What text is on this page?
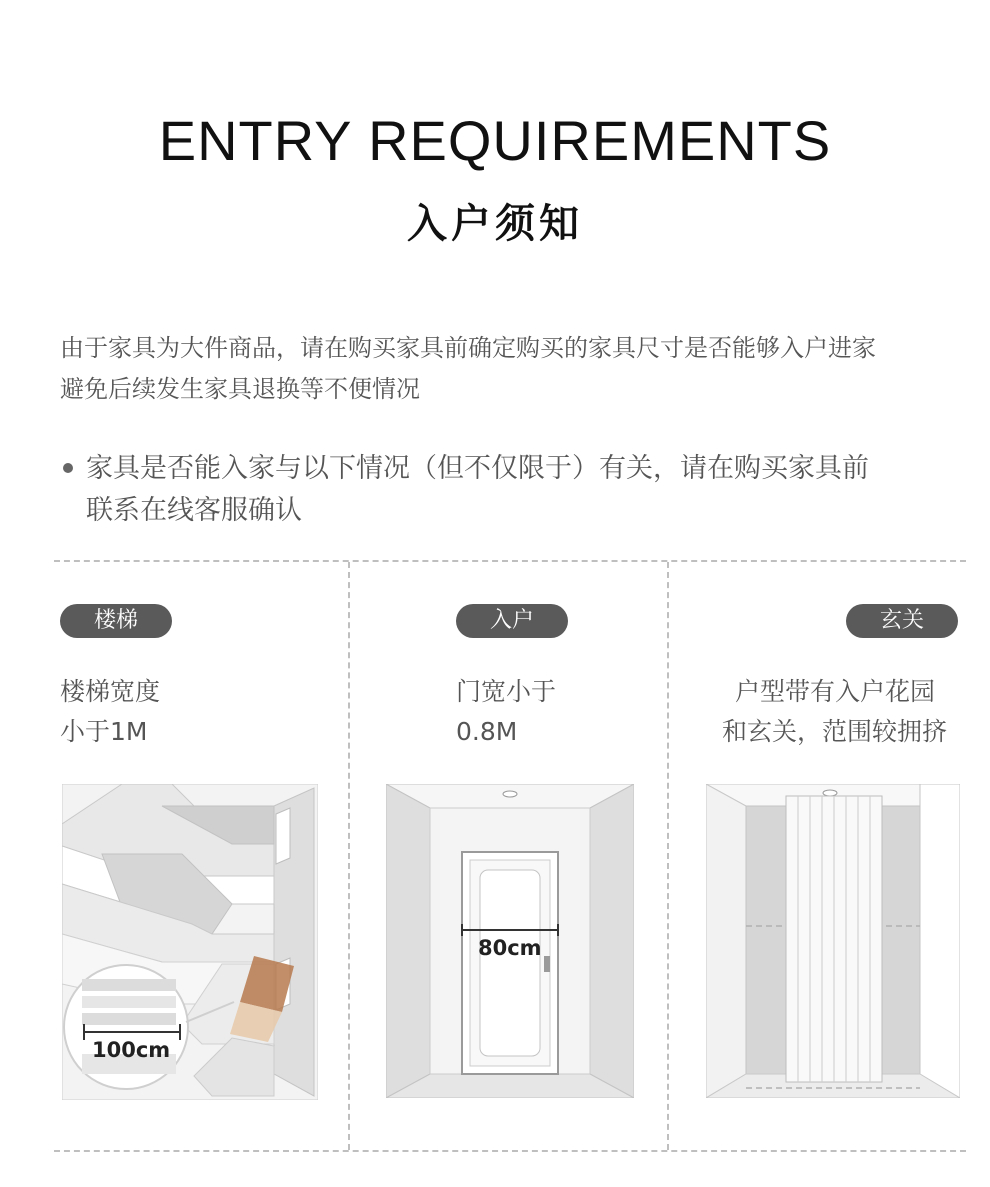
ENTRY REQUIREMENTS
入户须知
由于家具为大件商品，请在购买家具前确定购买的家具尺寸是否能够入户进家
避免后续发生家具退换等不便情况
家具是否能入家与以下情况（但不仅限于）有关，请在购买家具前
联系在线客服确认
楼梯
楼梯宽度
小于1M
100cm
入户
门宽小于
0.8M
80cm
玄关
户型带有入户花园
和玄关，范围较拥挤
